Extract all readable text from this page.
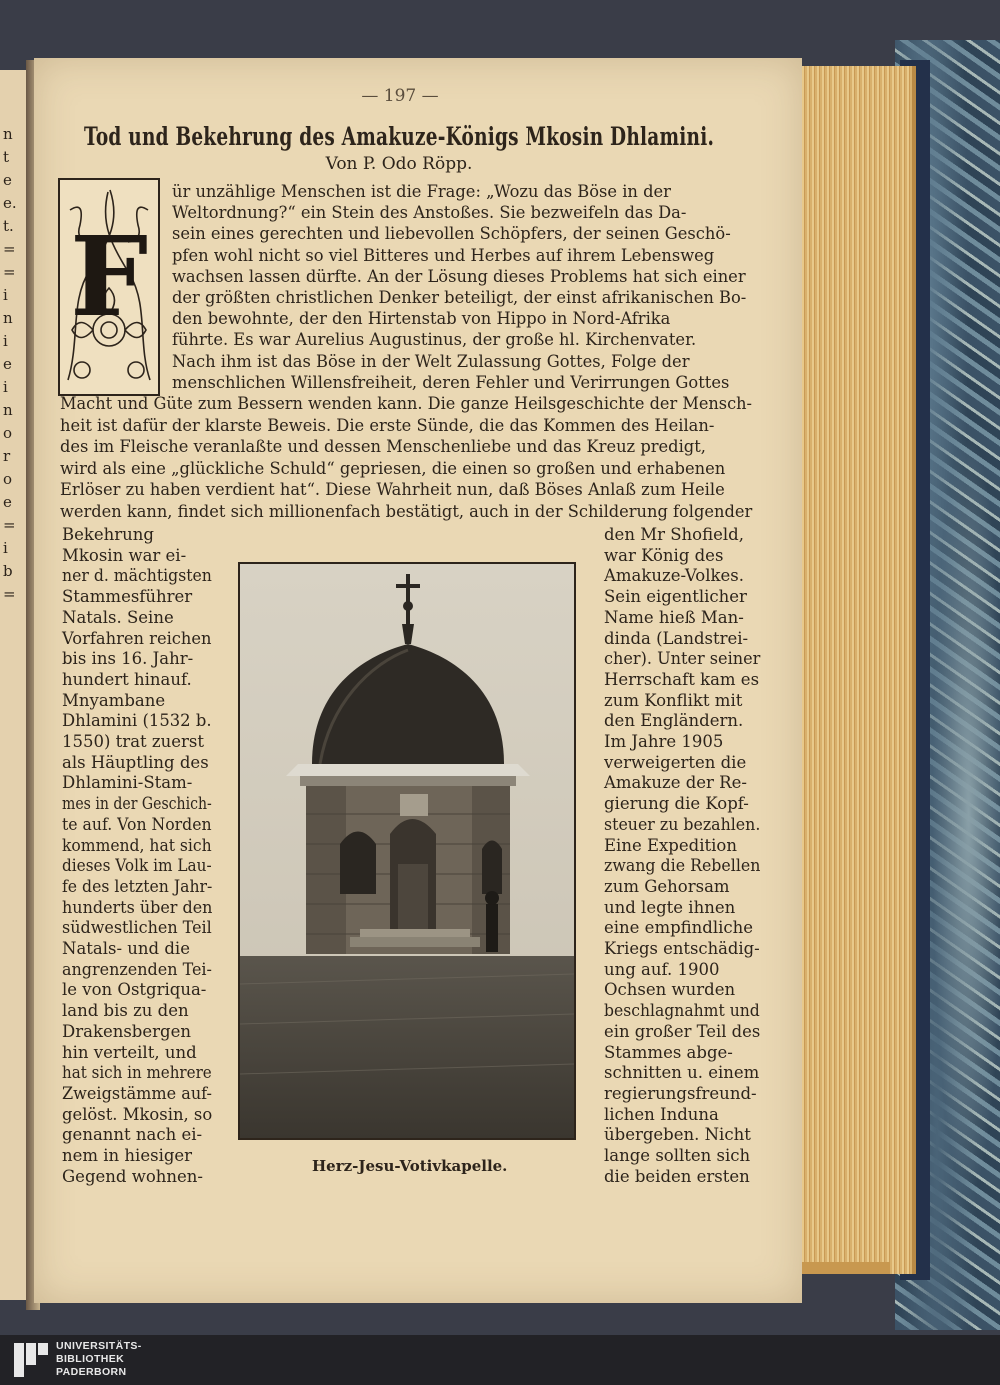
n
t
e
e.
t.
=
=
i
n
i
e
i
n
o
r
o
e
=
i
b
=
— 197 —
Tod und Bekehrung des Amakuze-Königs Mkosin Dhlamini.
Von P. Odo Röpp.
F
ür unzählige Menschen ist die Frage: „Wozu das Böse in der
Weltordnung?“ ein Stein des Anstoßes. Sie bezweifeln das Da-
sein eines gerechten und liebevollen Schöpfers, der seinen Geschö-
pfen wohl nicht so viel Bitteres und Herbes auf ihrem Lebensweg
wachsen lassen dürfte. An der Lösung dieses Problems hat sich einer
der größten christlichen Denker beteiligt, der einst afrikanischen Bo-
den bewohnte, der den Hirtenstab von Hippo in Nord-Afrika
führte. Es war Aurelius Augustinus, der große hl. Kirchenvater.
Nach ihm ist das Böse in der Welt Zulassung Gottes, Folge der
menschlichen Willensfreiheit, deren Fehler und Verirrungen Gottes
Macht und Güte zum Bessern wenden kann. Die ganze Heilsgeschichte der Mensch-
heit ist dafür der klarste Beweis. Die erste Sünde, die das Kommen des Heilan-
des im Fleische veranlaßte und dessen Menschenliebe und das Kreuz predigt,
wird als eine „glückliche Schuld“ gepriesen, die einen so großen und erhabenen
Erlöser zu haben verdient hat“. Diese Wahrheit nun, daß Böses Anlaß zum Heile
werden kann, findet sich millionenfach bestätigt, auch in der Schilderung folgender
Bekehrung
Mkosin war ei-
ner d. mächtigsten
Stammesführer
Natals. Seine
Vorfahren reichen
bis ins 16. Jahr-
hundert hinauf.
Mnyambane
Dhlamini (1532 b.
1550) trat zuerst
als Häuptling des
Dhlamini-Stam-
mes in der Geschich-
te auf. Von Norden
kommend, hat sich
dieses Volk im Lau-
fe des letzten Jahr-
hunderts über den
südwestlichen Teil
Natals- und die
angrenzenden Tei-
le von Ostgriqua-
land bis zu den
Drakensbergen
hin verteilt, und
hat sich in mehrere
Zweigstämme auf-
gelöst. Mkosin, so
genannt nach ei-
nem in hiesiger
Gegend wohnen-
den Mr Shofield,
war König des
Amakuze-Volkes.
Sein eigentlicher
Name hieß Man-
dinda (Landstrei-
cher). Unter seiner
Herrschaft kam es
zum Konflikt mit
den Engländern.
Im Jahre 1905
verweigerten die
Amakuze der Re-
gierung die Kopf-
steuer zu bezahlen.
Eine Expedition
zwang die Rebellen
zum Gehorsam
und legte ihnen
eine empfindliche
Kriegs entschädig-
ung auf. 1900
Ochsen wurden
beschlagnahmt und
ein großer Teil des
Stammes abge-
schnitten u. einem
regierungsfreund-
lichen Induna
übergeben. Nicht
lange sollten sich
die beiden ersten
Herz-Jesu-Votivkapelle.
UNIVERSITÄTS-
BIBLIOTHEK
PADERBORN
